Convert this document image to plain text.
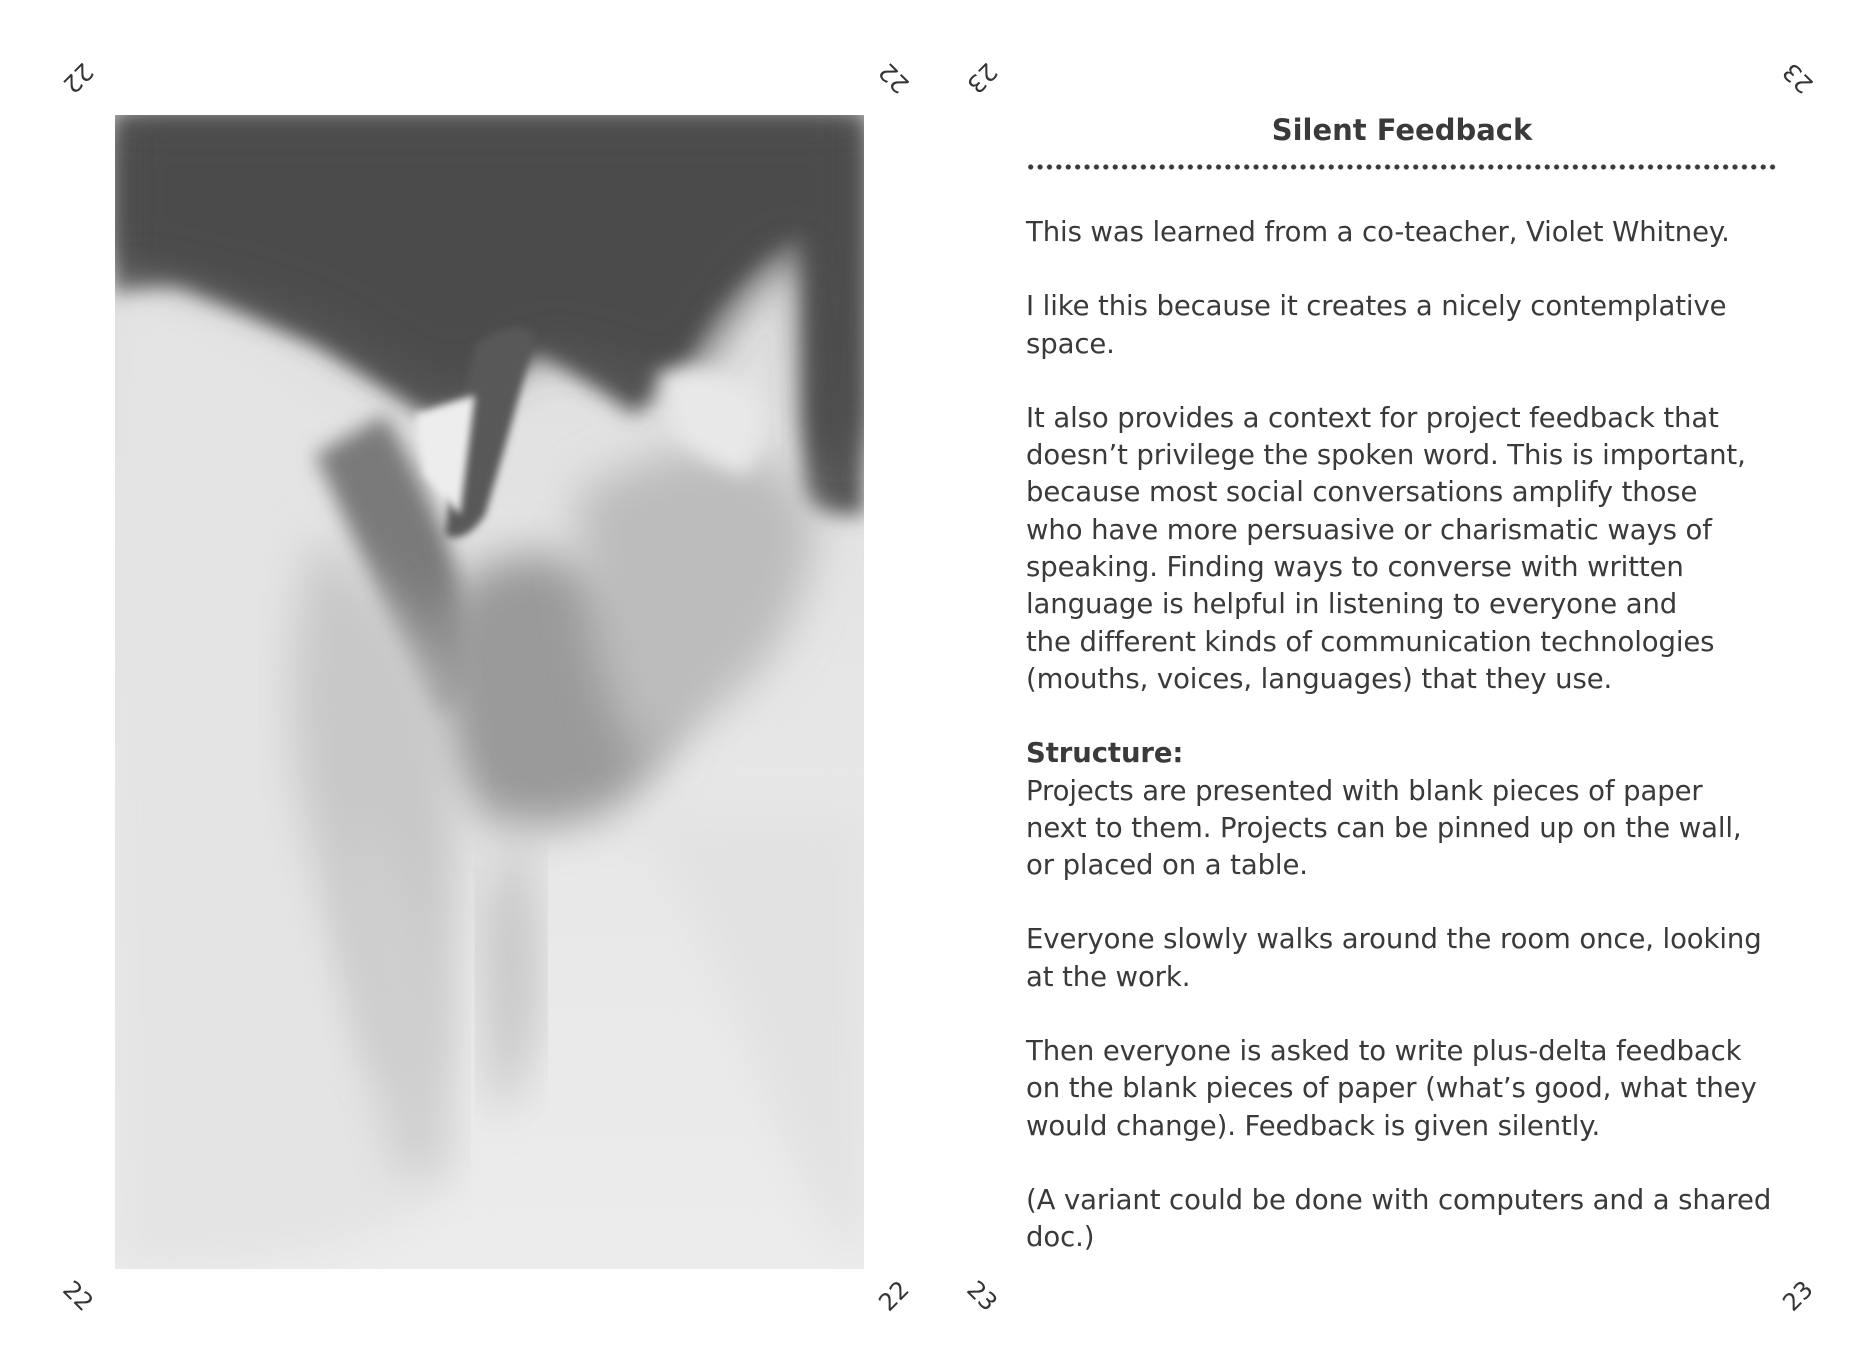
22	22
22	22
23	23
23	23
Silent Feedback

This was learned from a co-teacher, Violet Whitney.

I like this because it creates a nicely contemplative
space.

It also provides a context for project feedback that
doesn’t privilege the spoken word. This is important,
because most social conversations amplify those
who have more persuasive or charismatic ways of
speaking. Finding ways to converse with written
language is helpful in listening to everyone and
the different kinds of communication technologies
(mouths, voices, languages) that they use.

Structure:

Projects are presented with blank pieces of paper
next to them. Projects can be pinned up on the wall,
or placed on a table.

Everyone slowly walks around the room once, looking
at the work.

Then everyone is asked to write plus-delta feedback
on the blank pieces of paper (what’s good, what they
would change). Feedback is given silently.

(A variant could be done with computers and a shared
doc.)
